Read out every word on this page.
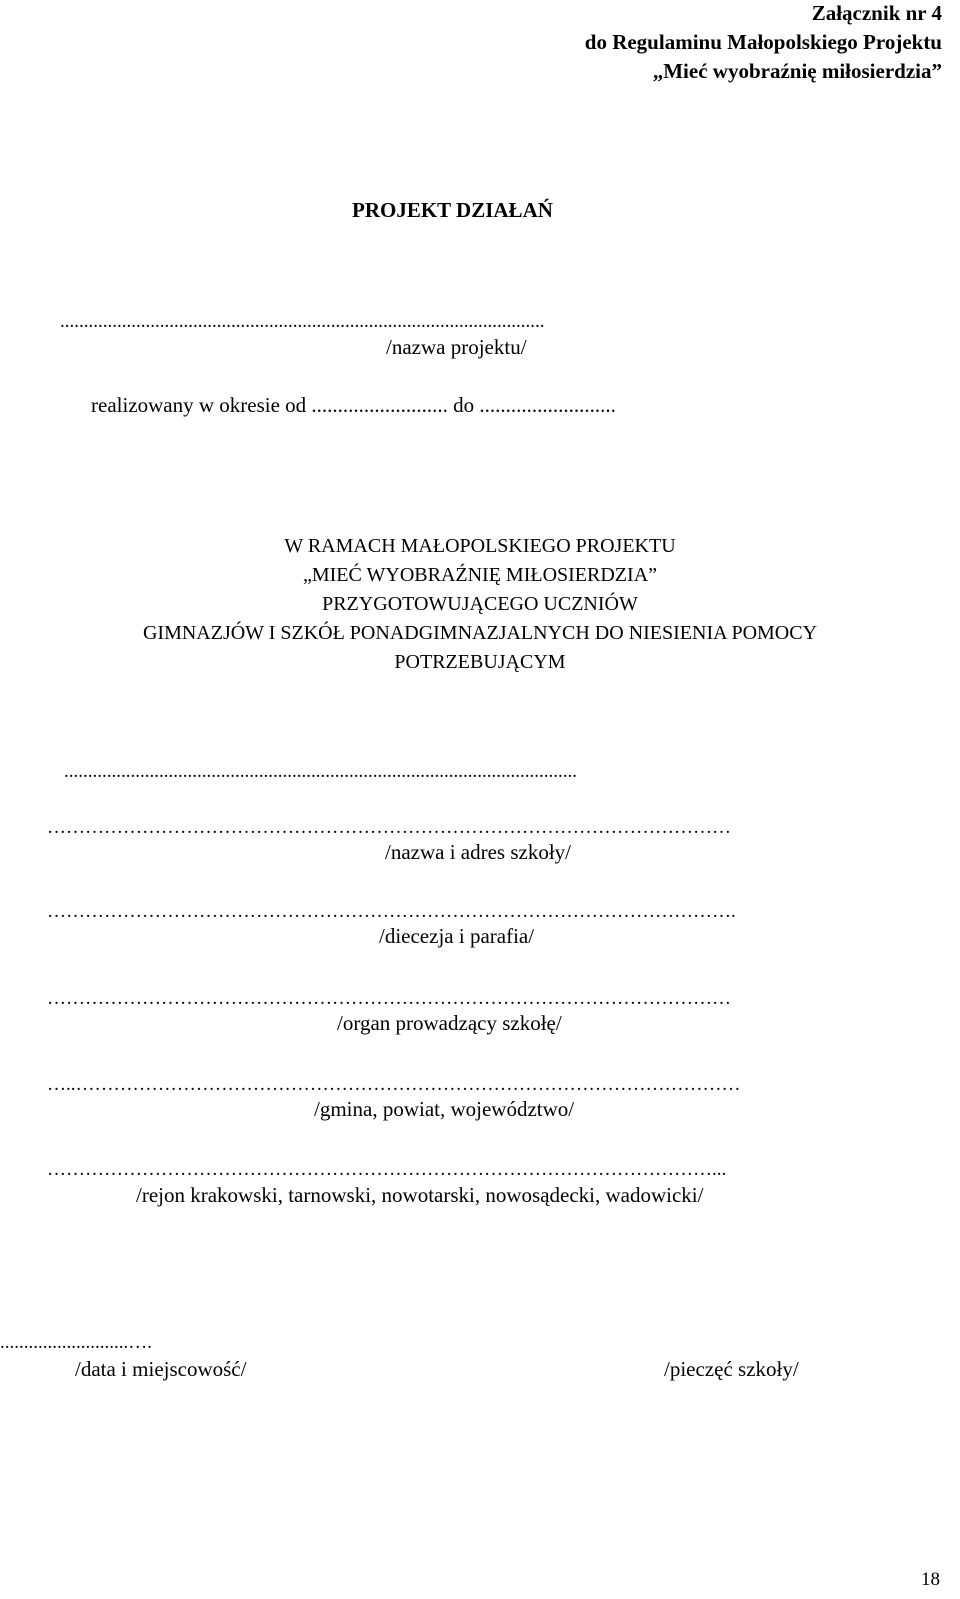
Załącznik nr 4
do Regulaminu Małopolskiego Projektu
„Mieć wyobraźnię miłosierdzia”
PROJEKT DZIAŁAŃ
......................................................................................................
/nazwa projektu/
realizowany w okresie od .......................... do ..........................
W RAMACH MAŁOPOLSKIEGO PROJEKTU
„MIEĆ WYOBRAŹNIĘ MIŁOSIERDZIA”
PRZYGOTOWUJĄCEGO UCZNIÓW
GIMNAZJÓW I SZKÓŁ PONADGIMNAZJALNYCH DO NIESIENIA POMOCY
POTRZEBUJĄCYM
............................................................................................................
………………………………………………………………………………………………
/nazwa i adres szkoły/
……………………………………………………………………………………………….
/diecezja i parafia/
………………………………………………………………………………………………
/organ prowadzący szkołę/
…..……………………………………………………………………………………………
/gmina, powiat, województwo/
……………………………………………………………………………………………...
/rejon krakowski, tarnowski, nowotarski, nowosądecki, wadowicki/
...........................….
/data i miejscowość/	/pieczęć szkoły/
18
